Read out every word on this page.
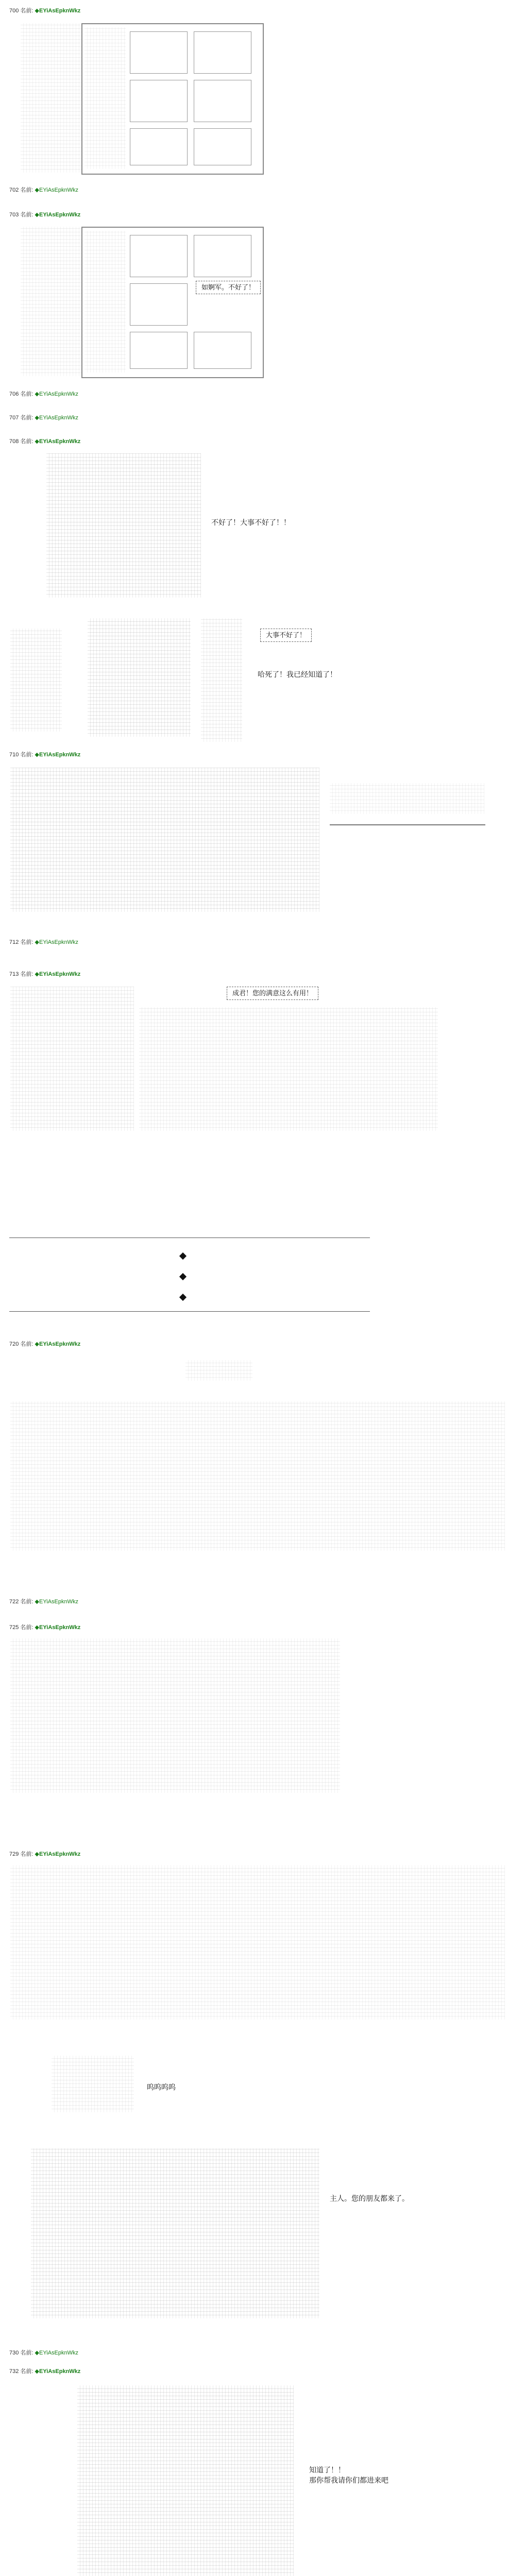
700 名前: ◆EYiAsEpknWkz
702 名前: ◆EYiAsEpknWkz
703 名前: ◆EYiAsEpknWkz
如婀军。不好了！
706 名前: ◆EYiAsEpknWkz
707 名前: ◆EYiAsEpknWkz
708 名前: ◆EYiAsEpknWkz
不好了！大事不好了！！
大事不好了！
哈死了！我已经知道了！
710 名前: ◆EYiAsEpknWkz
712 名前: ◆EYiAsEpknWkz
713 名前: ◆EYiAsEpknWkz
成君！您的满意这么有用！
720 名前: ◆EYiAsEpknWkz
722 名前: ◆EYiAsEpknWkz
725 名前: ◆EYiAsEpknWkz
729 名前: ◆EYiAsEpknWkz
呜呜呜呜
主人。您的朋友都来了。
730 名前: ◆EYiAsEpknWkz
732 名前: ◆EYiAsEpknWkz
知道了！！
那你帮我请你们都进来吧
